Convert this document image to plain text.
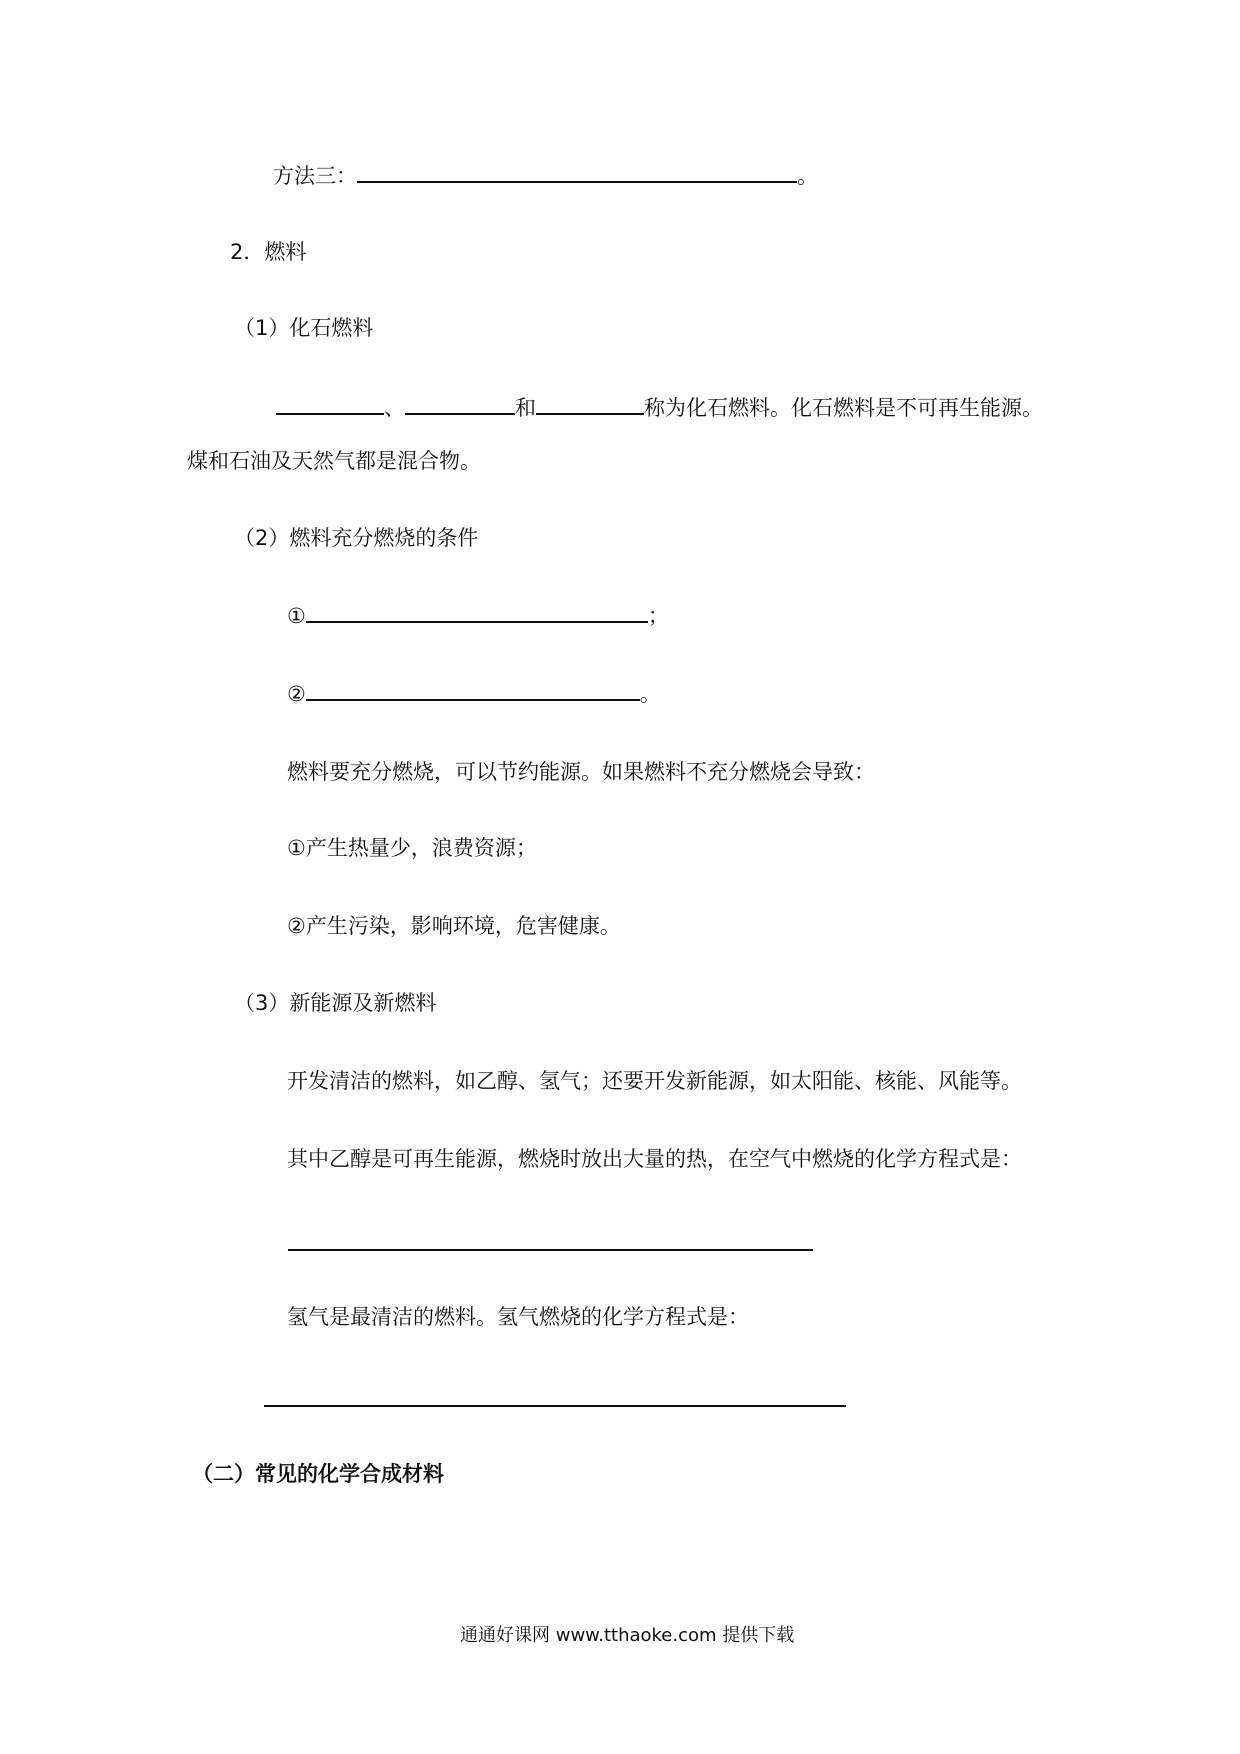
方法三：	。
2．燃料
（1）化石燃料
、	和	称为化石燃料。化石燃料是不可再生能源。
煤和石油及天然气都是混合物。
（2）燃料充分燃烧的条件
①	；
②	。
燃料要充分燃烧，可以节约能源。如果燃料不充分燃烧会导致：
①产生热量少，浪费资源；
②产生污染，影响环境，危害健康。
（3）新能源及新燃料
开发清洁的燃料，如乙醇、氢气；还要开发新能源，如太阳能、核能、风能等。
其中乙醇是可再生能源，燃烧时放出大量的热，在空气中燃烧的化学方程式是：
氢气是最清洁的燃料。氢气燃烧的化学方程式是：
（二）常见的化学合成材料
通通好课网 www.tthaoke.com 提供下载
